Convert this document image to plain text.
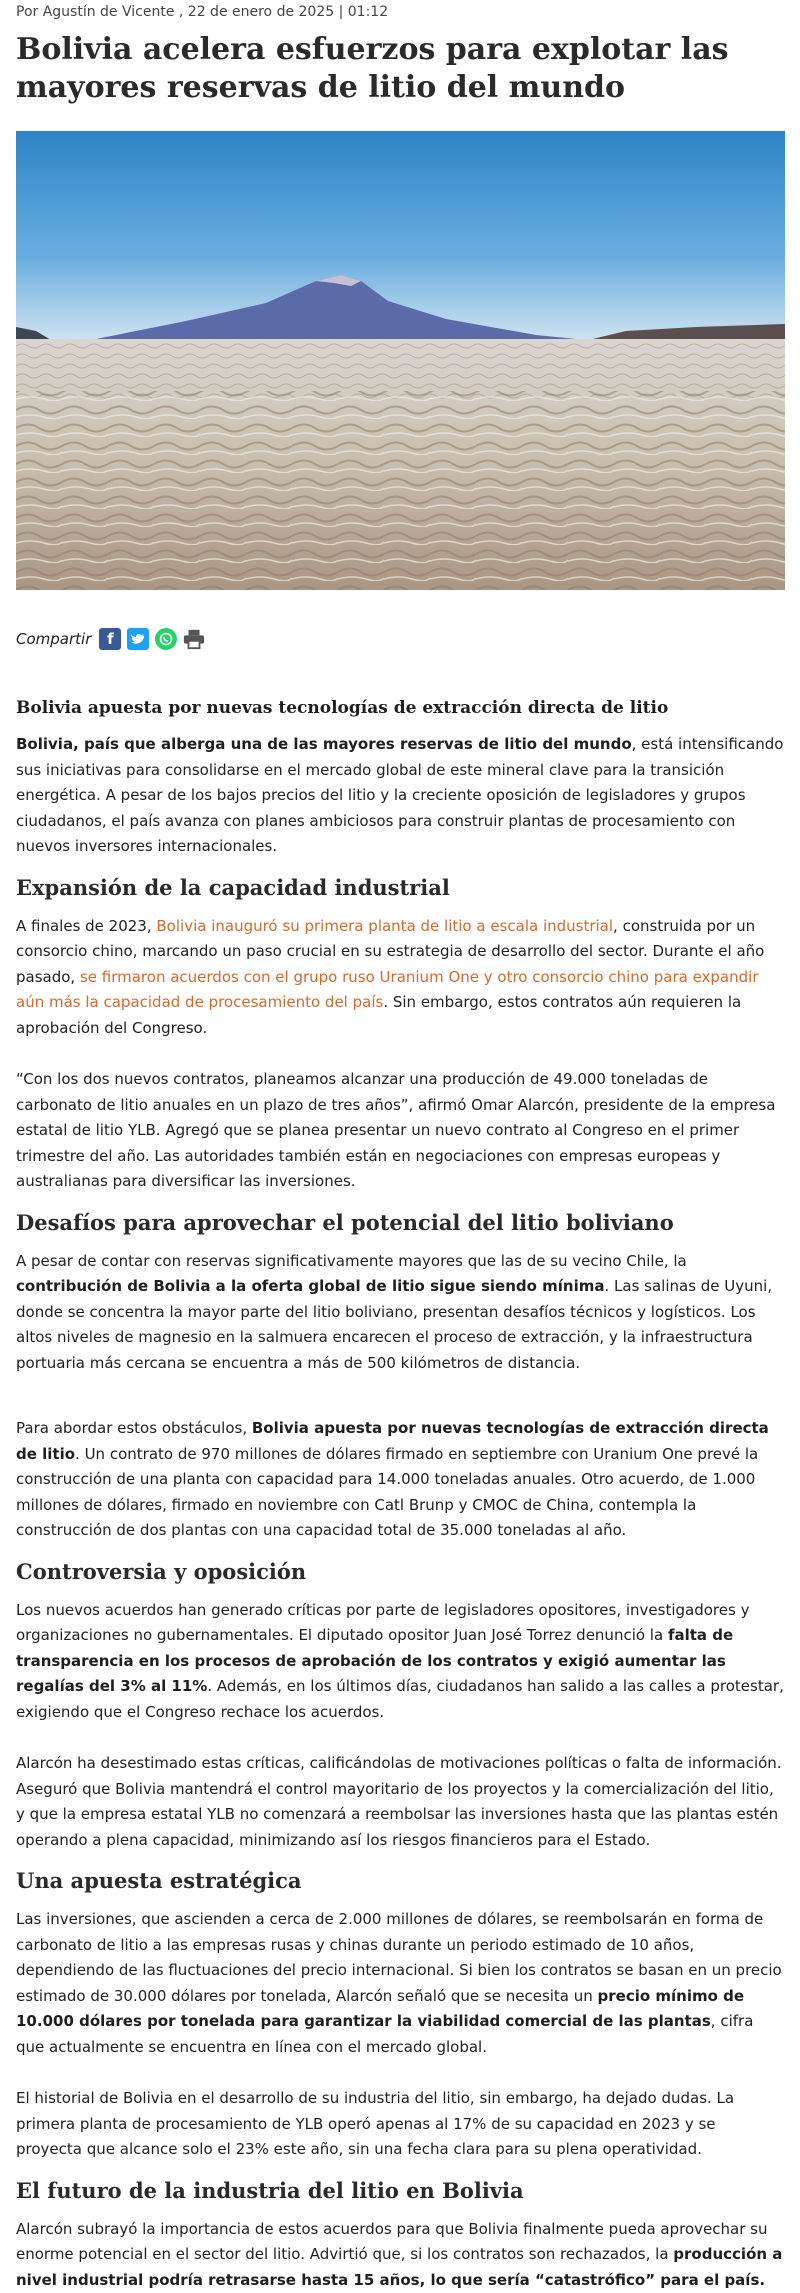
Por Agustín de Vicente , 22 de enero de 2025 | 01:12
Bolivia acelera esfuerzos para explotar las mayores reservas de litio del mundo
Compartir	f
Bolivia apuesta por nuevas tecnologías de extracción directa de litio

Bolivia, país que alberga una de las mayores reservas de litio del mundo, está intensificando sus iniciativas para consolidarse en el mercado global de este mineral clave para la transición energética. A pesar de los bajos precios del litio y la creciente oposición de legisladores y grupos ciudadanos, el país avanza con planes ambiciosos para construir plantas de procesamiento con nuevos inversores internacionales.

Expansión de la capacidad industrial

A finales de 2023, Bolivia inauguró su primera planta de litio a escala industrial, construida por un consorcio chino, marcando un paso crucial en su estrategia de desarrollo del sector. Durante el año pasado, se firmaron acuerdos con el grupo ruso Uranium One y otro consorcio chino para expandir aún más la capacidad de procesamiento del país. Sin embargo, estos contratos aún requieren la aprobación del Congreso.

“Con los dos nuevos contratos, planeamos alcanzar una producción de 49.000 toneladas de carbonato de litio anuales en un plazo de tres años”, afirmó Omar Alarcón, presidente de la empresa estatal de litio YLB. Agregó que se planea presentar un nuevo contrato al Congreso en el primer trimestre del año. Las autoridades también están en negociaciones con empresas europeas y australianas para diversificar las inversiones.

Desafíos para aprovechar el potencial del litio boliviano

A pesar de contar con reservas significativamente mayores que las de su vecino Chile, la contribución de Bolivia a la oferta global de litio sigue siendo mínima. Las salinas de Uyuni, donde se concentra la mayor parte del litio boliviano, presentan desafíos técnicos y logísticos. Los altos niveles de magnesio en la salmuera encarecen el proceso de extracción, y la infraestructura portuaria más cercana se encuentra a más de 500 kilómetros de distancia.

Para abordar estos obstáculos, Bolivia apuesta por nuevas tecnologías de extracción directa de litio. Un contrato de 970 millones de dólares firmado en septiembre con Uranium One prevé la construcción de una planta con capacidad para 14.000 toneladas anuales. Otro acuerdo, de 1.000 millones de dólares, firmado en noviembre con Catl Brunp y CMOC de China, contempla la construcción de dos plantas con una capacidad total de 35.000 toneladas al año.

Controversia y oposición

Los nuevos acuerdos han generado críticas por parte de legisladores opositores, investigadores y organizaciones no gubernamentales. El diputado opositor Juan José Torrez denunció la falta de transparencia en los procesos de aprobación de los contratos y exigió aumentar las regalías del 3% al 11%. Además, en los últimos días, ciudadanos han salido a las calles a protestar, exigiendo que el Congreso rechace los acuerdos.

Alarcón ha desestimado estas críticas, calificándolas de motivaciones políticas o falta de información. Aseguró que Bolivia mantendrá el control mayoritario de los proyectos y la comercialización del litio, y que la empresa estatal YLB no comenzará a reembolsar las inversiones hasta que las plantas estén operando a plena capacidad, minimizando así los riesgos financieros para el Estado.

Una apuesta estratégica

Las inversiones, que ascienden a cerca de 2.000 millones de dólares, se reembolsarán en forma de carbonato de litio a las empresas rusas y chinas durante un periodo estimado de 10 años, dependiendo de las fluctuaciones del precio internacional. Si bien los contratos se basan en un precio estimado de 30.000 dólares por tonelada, Alarcón señaló que se necesita un precio mínimo de 10.000 dólares por tonelada para garantizar la viabilidad comercial de las plantas, cifra que actualmente se encuentra en línea con el mercado global.

El historial de Bolivia en el desarrollo de su industria del litio, sin embargo, ha dejado dudas. La primera planta de procesamiento de YLB operó apenas al 17% de su capacidad en 2023 y se proyecta que alcance solo el 23% este año, sin una fecha clara para su plena operatividad.

El futuro de la industria del litio en Bolivia

Alarcón subrayó la importancia de estos acuerdos para que Bolivia finalmente pueda aprovechar su enorme potencial en el sector del litio. Advirtió que, si los contratos son rechazados, la producción a nivel industrial podría retrasarse hasta 15 años, lo que sería “catastrófico” para el país.
